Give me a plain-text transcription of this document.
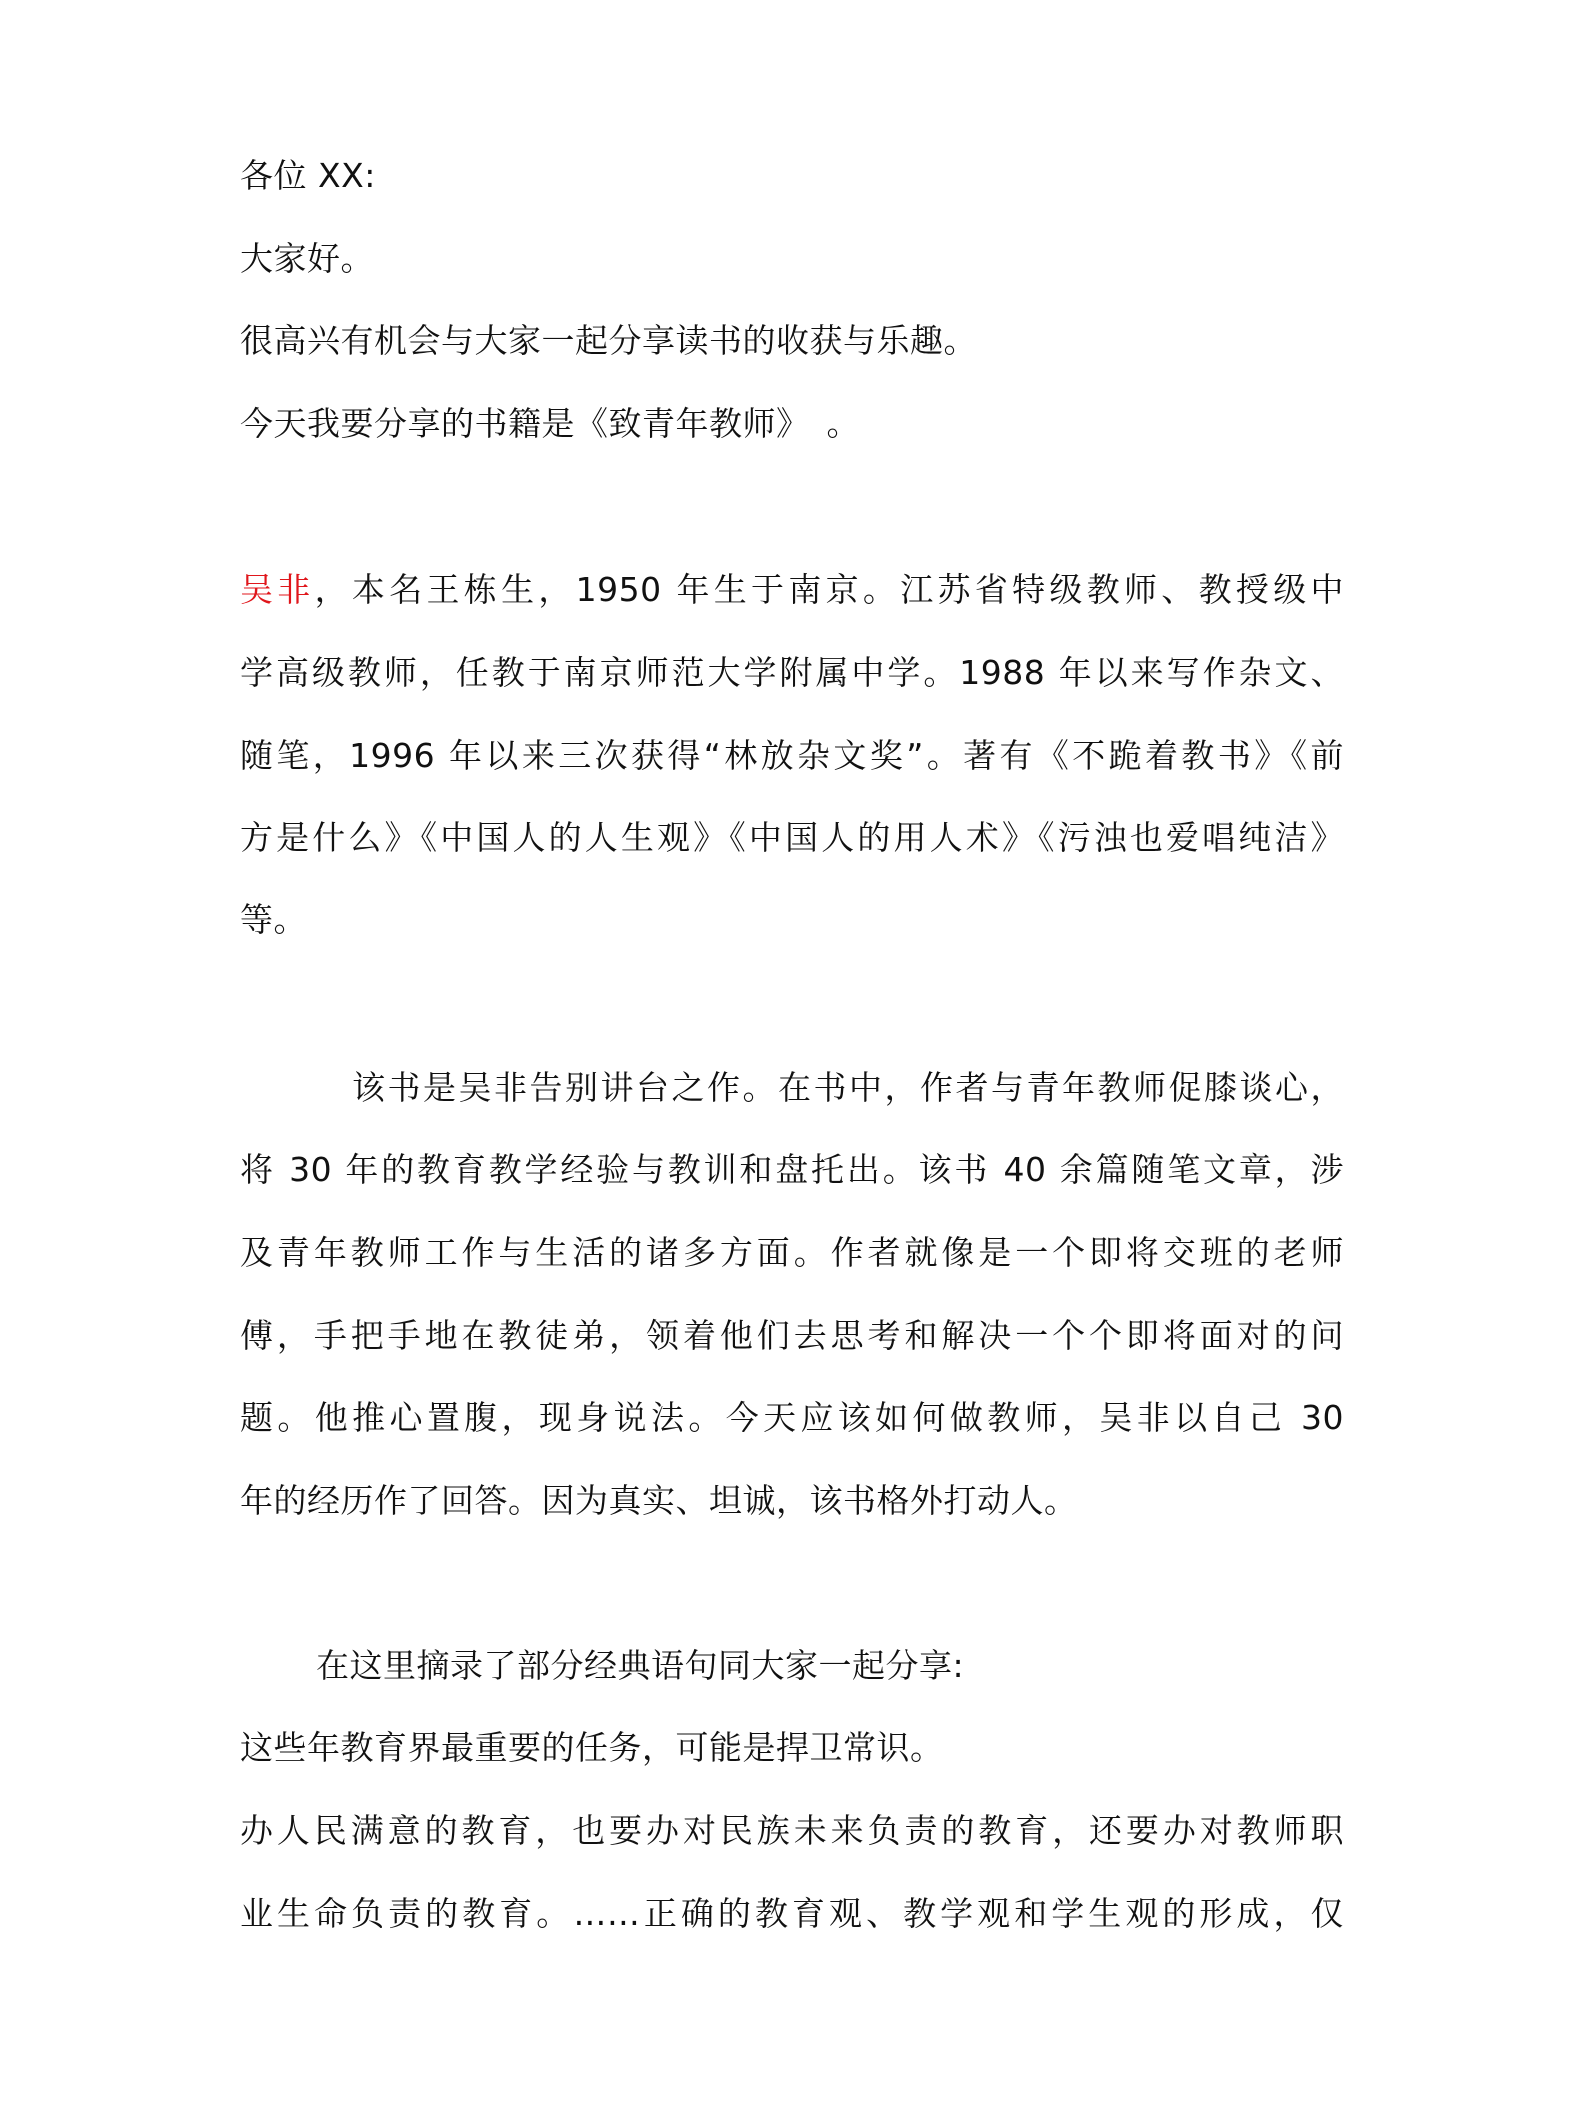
各位 XX:
大家好。
很高兴有机会与大家一起分享读书的收获与乐趣。
今天我要分享的书籍是《致青年教师》　。
吴非，本名王栋生，1950 年生于南京。江苏省特级教师、教授级中
学高级教师，任教于南京师范大学附属中学。1988 年以来写作杂文、
随笔，1996 年以来三次获得“林放杂文奖”。著有《不跪着教书》《前
方是什么》《中国人的人生观》《中国人的用人术》《污浊也爱唱纯洁》
等。
该书是吴非告别讲台之作。在书中，作者与青年教师促膝谈心，
将 30 年的教育教学经验与教训和盘托出。该书 40 余篇随笔文章，涉
及青年教师工作与生活的诸多方面。作者就像是一个即将交班的老师
傅，手把手地在教徒弟，领着他们去思考和解决一个个即将面对的问
题。他推心置腹，现身说法。今天应该如何做教师，吴非以自己 30
年的经历作了回答。因为真实、坦诚，该书格外打动人。
在这里摘录了部分经典语句同大家一起分享:
这些年教育界最重要的任务，可能是捍卫常识。
办人民满意的教育，也要办对民族未来负责的教育，还要办对教师职
业生命负责的教育。……正确的教育观、教学观和学生观的形成，仅
